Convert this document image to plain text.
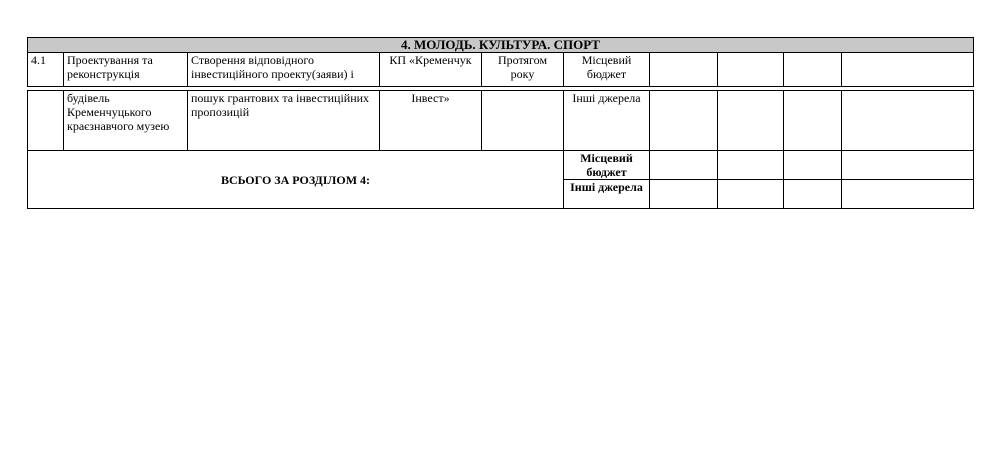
4. МОЛОДЬ. КУЛЬТУРА. СПОРТ
4.1	Проектування та реконструкція	Створення відповідного інвестиційного проекту(заяви) і	КП «Кременчук	Протягом року	Місцевий бюджет				
	будівель Кременчуцького краєзнавчого музею	пошук грантових та інвестиційних пропозицій	Інвест»		Інші джерела				
ВСЬОГО ЗА РОЗДІЛОМ 4:					Місцевий бюджет				
					Інші джерела				
